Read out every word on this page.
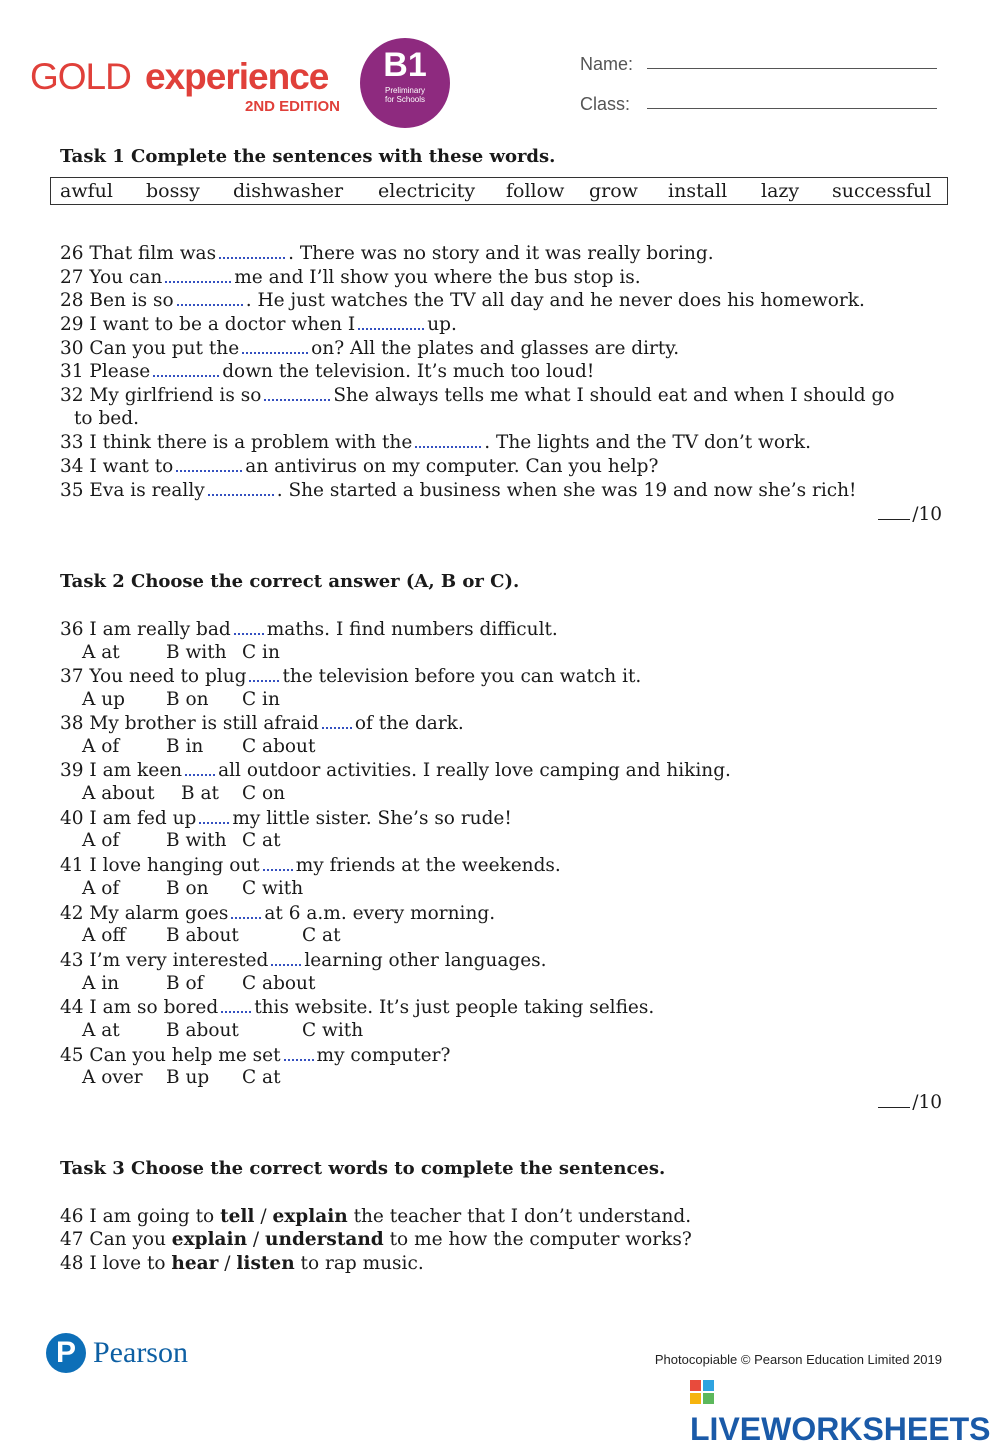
GOLD experience
2ND EDITION
B1
Preliminary
for Schools
Name:
Class:
Task 1 Complete the sentences with these words.
awful bossy dishwasher electricity follow grow install lazy successful
26 That film was	. There was no story and it was really boring.
27 You can	me and I’ll show you where the bus stop is.
28 Ben is so	. He just watches the TV all day and he never does his homework.
29 I want to be a doctor when I	up.
30 Can you put the	on? All the plates and glasses are dirty.
31 Please	down the television. It’s much too loud!
32 My girlfriend is so	She always tells me what I should eat and when I should go
to bed.
33 I think there is a problem with the	. The lights and the TV don’t work.
34 I want to	an antivirus on my computer. Can you help?
35 Eva is really	. She started a business when she was 19 and now she’s rich!
/10
Task 2 Choose the correct answer (A, B or C).
36 I am really bad maths. I find numbers difficult.
A at	B with C in
37 You need to plug the television before you can watch it.
A up B on C in
38 My brother is still afraid of the dark.
A of	B in C about
39 I am keen all outdoor activities. I really love camping and hiking.
A about B at C on
40 I am fed up my little sister. She’s so rude!
A of	B with C at
41 I love hanging out my friends at the weekends.
A of	B on C with
42 My alarm goes at 6 a.m. every morning.
A off B about	C at
43 I’m very interested learning other languages.
A in	B of C about
44 I am so bored this website. It’s just people taking selfies.
A at	B about	C with
45 Can you help me set my computer?
A over B up C at
/10
Task 3 Choose the correct words to complete the sentences.
46 I am going to tell / explain the teacher that I don’t understand.
47 Can you explain / understand to me how the computer works?
48 I love to hear / listen to rap music.
P Pearson	Photocopiable © Pearson Education Limited 2019
LIVEWORKSHEETS
